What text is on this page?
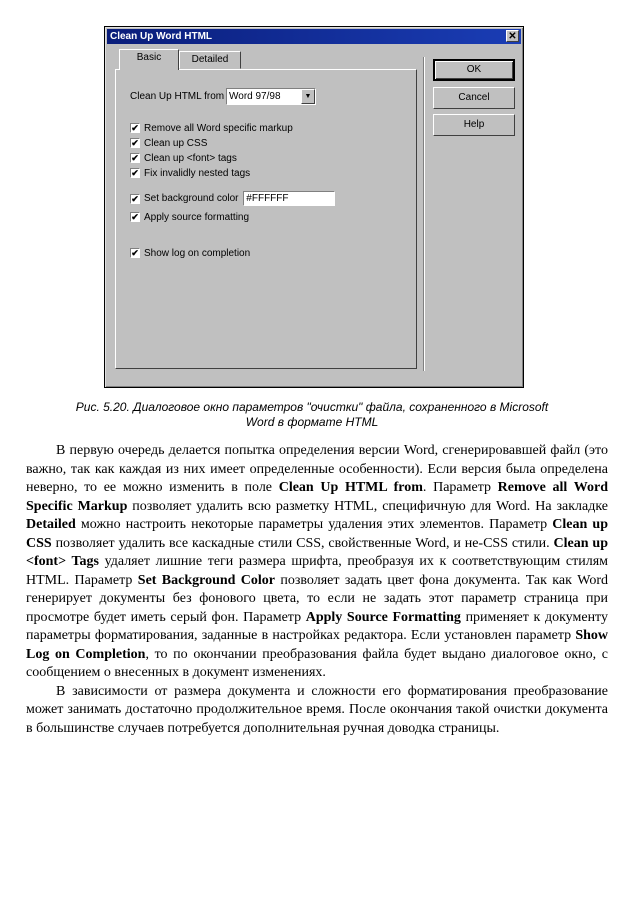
Clean Up Word HTML	✕
Basic	Detailed
Clean Up HTML from Word 97/98	▼
✔ Remove all Word specific markup
✔ Clean up CSS
✔ Clean up <font> tags
✔ Fix invalidly nested tags
✔ Set background color #FFFFFF
✔ Apply source formatting
✔ Show log on completion
OK
Cancel
Help
Рис. 5.20. Диалоговое окно параметров "очистки" файла, сохраненного в Microsoft
Word в формате HTML

В первую очередь делается попытка определения версии Word, сгенерировавшей файл (это важно, так как каждая из них имеет определенные особенности). Если версия была определена неверно, то ее можно изменить в поле Clean Up HTML from. Параметр Remove all Word Specific Markup позволяет удалить всю разметку HTML, специфичную для Word. На закладке Detailed можно настроить некоторые параметры удаления этих элементов. Параметр Clean up CSS позволяет удалить все каскадные стили CSS, свойственные Word, и не-CSS стили. Clean up <font> Tags удаляет лишние теги размера шрифта, преобразуя их к соответствующим стилям HTML. Параметр Set Background Color позволяет задать цвет фона документа. Так как Word генерирует документы без фонового цвета, то если не задать этот параметр страница при просмотре будет иметь серый фон. Параметр Apply Source Formatting применяет к документу параметры форматирования, заданные в настройках редактора. Если установлен параметр Show Log on Completion, то по окончании преобразования файла будет выдано диалоговое окно, с сообщением о внесенных в документ изменениях.

В зависимости от размера документа и сложности его форматирования преобразование может занимать достаточно продолжительное время. После окончания такой очистки документа в большинстве случаев потребуется дополнительная ручная доводка страницы.
